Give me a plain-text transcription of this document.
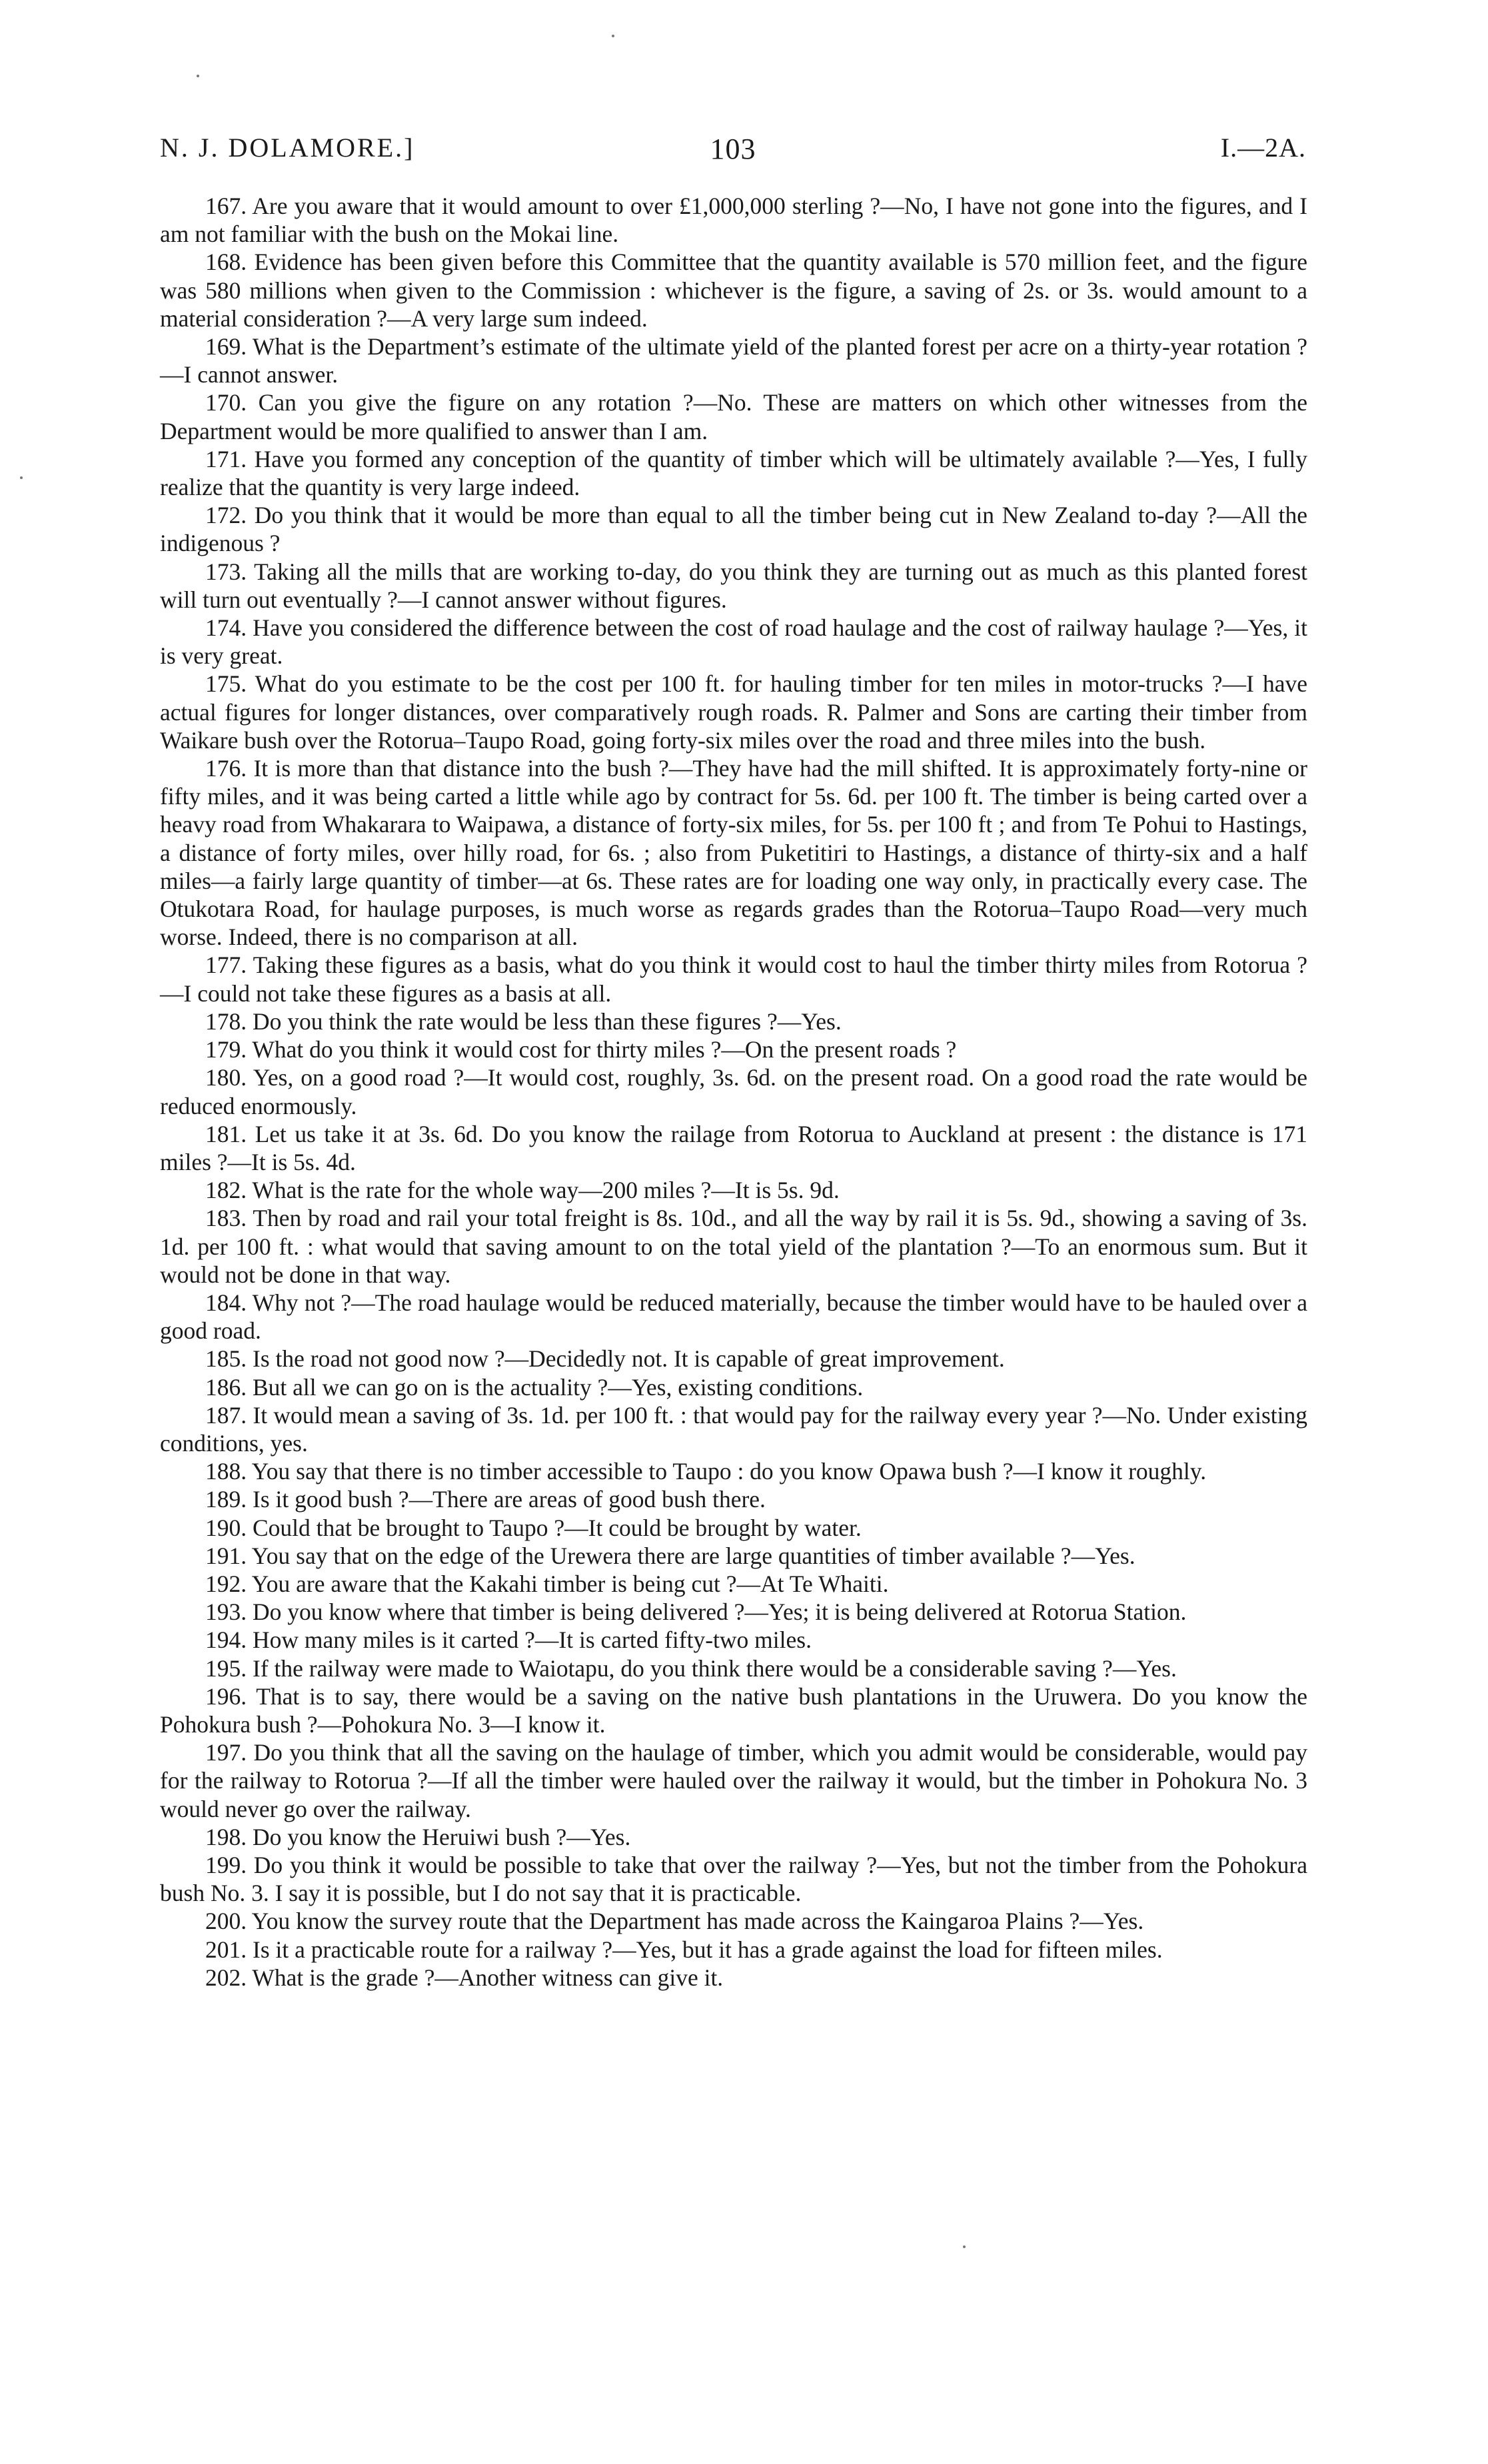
N. J. DOLAMORE.]	103	I.—2A.

167. Are you aware that it would amount to over £1,000,000 sterling ?—No, I have not gone into the figures, and I am not familiar with the bush on the Mokai line.

168. Evidence has been given before this Committee that the quantity available is 570 million feet, and the figure was 580 millions when given to the Commission : whichever is the figure, a saving of 2s. or 3s. would amount to a material consideration ?—A very large sum indeed.

169. What is the Department’s estimate of the ultimate yield of the planted forest per acre on a thirty-year rotation ?—I cannot answer.

170. Can you give the figure on any rotation ?—No. These are matters on which other witnesses from the Department would be more qualified to answer than I am.

171. Have you formed any conception of the quantity of timber which will be ultimately available ?—Yes, I fully realize that the quantity is very large indeed.

172. Do you think that it would be more than equal to all the timber being cut in New Zealand to-day ?—All the indigenous ?

173. Taking all the mills that are working to-day, do you think they are turning out as much as this planted forest will turn out eventually ?—I cannot answer without figures.

174. Have you considered the difference between the cost of road haulage and the cost of railway haulage ?—Yes, it is very great.

175. What do you estimate to be the cost per 100 ft. for hauling timber for ten miles in motor-trucks ?—I have actual figures for longer distances, over comparatively rough roads. R. Palmer and Sons are carting their timber from Waikare bush over the Rotorua–Taupo Road, going forty-six miles over the road and three miles into the bush.

176. It is more than that distance into the bush ?—They have had the mill shifted. It is approximately forty-nine or fifty miles, and it was being carted a little while ago by contract for 5s. 6d. per 100 ft. The timber is being carted over a heavy road from Whakarara to Waipawa, a distance of forty-six miles, for 5s. per 100 ft ; and from Te Pohui to Hastings, a distance of forty miles, over hilly road, for 6s. ; also from Puketitiri to Hastings, a distance of thirty-six and a half miles—a fairly large quantity of timber—at 6s. These rates are for loading one way only, in practically every case. The Otukotara Road, for haulage purposes, is much worse as regards grades than the Rotorua–Taupo Road—very much worse. Indeed, there is no comparison at all.

177. Taking these figures as a basis, what do you think it would cost to haul the timber thirty miles from Rotorua ?—I could not take these figures as a basis at all.

178. Do you think the rate would be less than these figures ?—Yes.

179. What do you think it would cost for thirty miles ?—On the present roads ?

180. Yes, on a good road ?—It would cost, roughly, 3s. 6d. on the present road. On a good road the rate would be reduced enormously.

181. Let us take it at 3s. 6d. Do you know the railage from Rotorua to Auckland at present : the distance is 171 miles ?—It is 5s. 4d.

182. What is the rate for the whole way—200 miles ?—It is 5s. 9d.

183. Then by road and rail your total freight is 8s. 10d., and all the way by rail it is 5s. 9d., showing a saving of 3s. 1d. per 100 ft. : what would that saving amount to on the total yield of the plantation ?—To an enormous sum. But it would not be done in that way.

184. Why not ?—The road haulage would be reduced materially, because the timber would have to be hauled over a good road.

185. Is the road not good now ?—Decidedly not. It is capable of great improvement.

186. But all we can go on is the actuality ?—Yes, existing conditions.

187. It would mean a saving of 3s. 1d. per 100 ft. : that would pay for the railway every year ?—No. Under existing conditions, yes.

188. You say that there is no timber accessible to Taupo : do you know Opawa bush ?—I know it roughly.

189. Is it good bush ?—There are areas of good bush there.

190. Could that be brought to Taupo ?—It could be brought by water.

191. You say that on the edge of the Urewera there are large quantities of timber available ?—Yes.

192. You are aware that the Kakahi timber is being cut ?—At Te Whaiti.

193. Do you know where that timber is being delivered ?—Yes; it is being delivered at Rotorua Station.

194. How many miles is it carted ?—It is carted fifty-two miles.

195. If the railway were made to Waiotapu, do you think there would be a considerable saving ?—Yes.

196. That is to say, there would be a saving on the native bush plantations in the Uruwera. Do you know the Pohokura bush ?—Pohokura No. 3—I know it.

197. Do you think that all the saving on the haulage of timber, which you admit would be considerable, would pay for the railway to Rotorua ?—If all the timber were hauled over the railway it would, but the timber in Pohokura No. 3 would never go over the railway.

198. Do you know the Heruiwi bush ?—Yes.

199. Do you think it would be possible to take that over the railway ?—Yes, but not the timber from the Pohokura bush No. 3. I say it is possible, but I do not say that it is practicable.

200. You know the survey route that the Department has made across the Kaingaroa Plains ?—Yes.

201. Is it a practicable route for a railway ?—Yes, but it has a grade against the load for fifteen miles.

202. What is the grade ?—Another witness can give it.
